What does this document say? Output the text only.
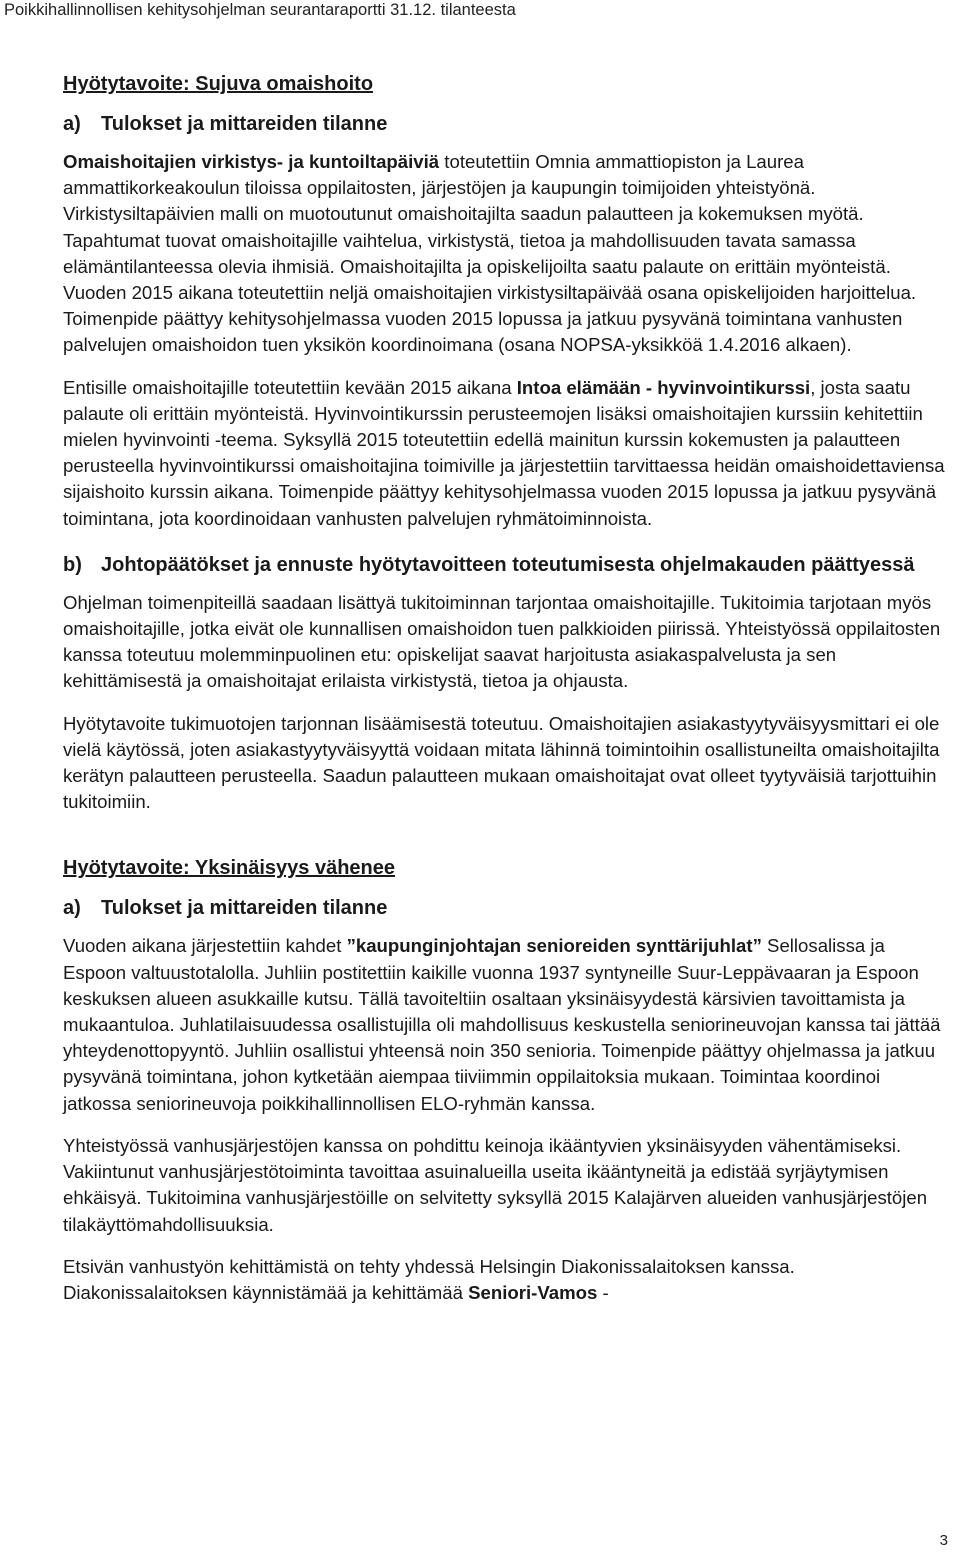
Poikkihallinnollisen kehitysohjelman seurantaraportti 31.12. tilanteesta
Hyötytavoite: Sujuva omaishoito
a)	Tulokset ja mittareiden tilanne

Omaishoitajien virkistys- ja kuntoiltapäiviä toteutettiin Omnia ammattiopiston ja Laurea ammattikorkeakoulun tiloissa oppilaitosten, järjestöjen ja kaupungin toimijoiden yhteistyönä. Virkistysiltapäivien malli on muotoutunut omaishoitajilta saadun palautteen ja kokemuksen myötä. Tapahtumat tuovat omaishoitajille vaihtelua, virkistystä, tietoa ja mahdollisuuden tavata samassa elämäntilanteessa olevia ihmisiä. Omaishoitajilta ja opiskelijoilta saatu palaute on erittäin myönteistä. Vuoden 2015 aikana toteutettiin neljä omaishoitajien virkistysiltapäivää osana opiskelijoiden harjoittelua. Toimenpide päättyy kehitysohjelmassa vuoden 2015 lopussa ja jatkuu pysyvänä toimintana vanhusten palvelujen omaishoidon tuen yksikön koordinoimana (osana NOPSA-yksikköä 1.4.2016 alkaen).

Entisille omaishoitajille toteutettiin kevään 2015 aikana Intoa elämään - hyvinvointikurssi, josta saatu palaute oli erittäin myönteistä. Hyvinvointikurssin perusteemojen lisäksi omaishoitajien kurssiin kehitettiin mielen hyvinvointi -teema. Syksyllä 2015 toteutettiin edellä mainitun kurssin kokemusten ja palautteen perusteella hyvinvointikurssi omaishoitajina toimiville ja järjestettiin tarvittaessa heidän omaishoidettaviensa sijaishoito kurssin aikana. Toimenpide päättyy kehitysohjelmassa vuoden 2015 lopussa ja jatkuu pysyvänä toimintana, jota koordinoidaan vanhusten palvelujen ryhmätoiminnoista.

b) Johtopäätökset ja ennuste hyötytavoitteen toteutumisesta ohjelmakauden päättyessä

Ohjelman toimenpiteillä saadaan lisättyä tukitoiminnan tarjontaa omaishoitajille. Tukitoimia tarjotaan myös omaishoitajille, jotka eivät ole kunnallisen omaishoidon tuen palkkioiden piirissä. Yhteistyössä oppilaitosten kanssa toteutuu molemminpuolinen etu: opiskelijat saavat harjoitusta asiakaspalvelusta ja sen kehittämisestä ja omaishoitajat erilaista virkistystä, tietoa ja ohjausta.

Hyötytavoite tukimuotojen tarjonnan lisäämisestä toteutuu. Omaishoitajien asiakastyytyväisyysmittari ei ole vielä käytössä, joten asiakastyytyväisyyttä voidaan mitata lähinnä toimintoihin osallistuneilta omaishoitajilta kerätyn palautteen perusteella. Saadun palautteen mukaan omaishoitajat ovat olleet tyytyväisiä tarjottuihin tukitoimiin.

Hyötytavoite: Yksinäisyys vähenee
a)	Tulokset ja mittareiden tilanne

Vuoden aikana järjestettiin kahdet ”kaupunginjohtajan senioreiden synttärijuhlat” Sellosalissa ja Espoon valtuustotalolla. Juhliin postitettiin kaikille vuonna 1937 syntyneille Suur-Leppävaaran ja Espoon keskuksen alueen asukkaille kutsu. Tällä tavoiteltiin osaltaan yksinäisyydestä kärsivien tavoittamista ja mukaantuloa. Juhlatilaisuudessa osallistujilla oli mahdollisuus keskustella seniorineuvojan kanssa tai jättää yhteydenottopyyntö. Juhliin osallistui yhteensä noin 350 senioria. Toimenpide päättyy ohjelmassa ja jatkuu pysyvänä toimintana, johon kytketään aiempaa tiiviimmin oppilaitoksia mukaan. Toimintaa koordinoi jatkossa seniorineuvoja poikkihallinnollisen ELO-ryhmän kanssa.

Yhteistyössä vanhusjärjestöjen kanssa on pohdittu keinoja ikääntyvien yksinäisyyden vähentämiseksi. Vakiintunut vanhusjärjestötoiminta tavoittaa asuinalueilla useita ikääntyneitä ja edistää syrjäytymisen ehkäisyä. Tukitoimina vanhusjärjestöille on selvitetty syksyllä 2015 Kalajärven alueiden vanhusjärjestöjen tilakäyttömahdollisuuksia.

Etsivän vanhustyön kehittämistä on tehty yhdessä Helsingin Diakonissalaitoksen kanssa. Diakonissalaitoksen käynnistämää ja kehittämää Seniori-Vamos -

3
